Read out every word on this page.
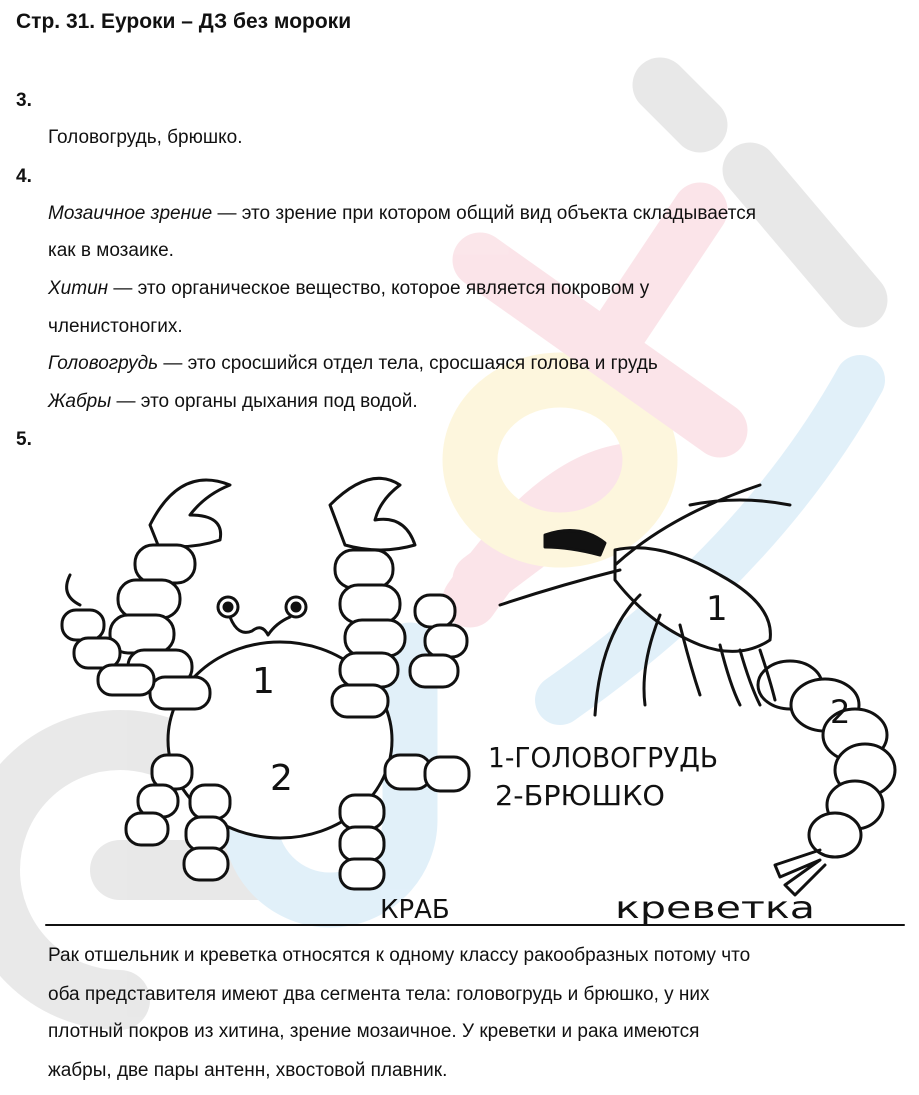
Стр. 31. Еуроки – ДЗ без мороки
3.
Головогрудь, брюшко.
4.
Мозаичное зрение — это зрение при котором общий вид объекта складывается
как в мозаике.
Хитин — это органическое вещество, которое является покровом у
членистоногих.
Головогрудь — это сросшийся отдел тела, сросшаяся голова и грудь
Жабры — это органы дыхания под водой.
5.
1
2
1
2
1-ГОЛОВОГРУДЬ
2-БРЮШКО
КРАБ	креветка
Рак отшельник и креветка относятся к одному классу ракообразных потому что
оба представителя имеют два сегмента тела: головогрудь и брюшко, у них
плотный покров из хитина, зрение мозаичное. У креветки и рака имеются
жабры, две пары антенн, хвостовой плавник.
